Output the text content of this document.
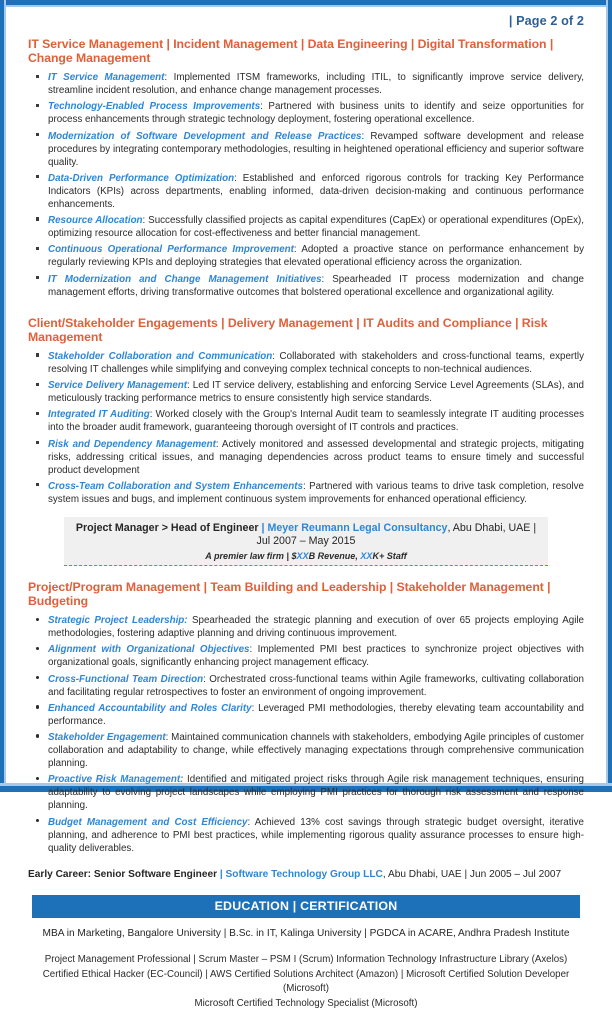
| Page 2 of 2
IT Service Management | Incident Management | Data Engineering | Digital Transformation | Change Management
IT Service Management: Implemented ITSM frameworks, including ITIL, to significantly improve service delivery, streamline incident resolution, and enhance change management processes.
Technology-Enabled Process Improvements: Partnered with business units to identify and seize opportunities for process enhancements through strategic technology deployment, fostering operational excellence.
Modernization of Software Development and Release Practices: Revamped software development and release procedures by integrating contemporary methodologies, resulting in heightened operational efficiency and superior software quality.
Data-Driven Performance Optimization: Established and enforced rigorous controls for tracking Key Performance Indicators (KPIs) across departments, enabling informed, data-driven decision-making and continuous performance enhancements.
Resource Allocation: Successfully classified projects as capital expenditures (CapEx) or operational expenditures (OpEx), optimizing resource allocation for cost-effectiveness and better financial management.
Continuous Operational Performance Improvement: Adopted a proactive stance on performance enhancement by regularly reviewing KPIs and deploying strategies that elevated operational efficiency across the organization.
IT Modernization and Change Management Initiatives: Spearheaded IT process modernization and change management efforts, driving transformative outcomes that bolstered operational excellence and organizational agility.
Client/Stakeholder Engagements | Delivery Management | IT Audits and Compliance | Risk Management
Stakeholder Collaboration and Communication: Collaborated with stakeholders and cross-functional teams, expertly resolving IT challenges while simplifying and conveying complex technical concepts to non-technical audiences.
Service Delivery Management: Led IT service delivery, establishing and enforcing Service Level Agreements (SLAs), and meticulously tracking performance metrics to ensure consistently high service standards.
Integrated IT Auditing: Worked closely with the Group's Internal Audit team to seamlessly integrate IT auditing processes into the broader audit framework, guaranteeing thorough oversight of IT controls and practices.
Risk and Dependency Management: Actively monitored and assessed developmental and strategic projects, mitigating risks, addressing critical issues, and managing dependencies across product teams to ensure timely and successful product development
Cross-Team Collaboration and System Enhancements: Partnered with various teams to drive task completion, resolve system issues and bugs, and implement continuous system improvements for enhanced operational efficiency.
Project Manager > Head of Engineer | Meyer Reumann Legal Consultancy, Abu Dhabi, UAE | Jul 2007 – May 2015
A premier law firm | $XXB Revenue, XXK+ Staff
Project/Program Management | Team Building and Leadership | Stakeholder Management | Budgeting
Strategic Project Leadership: Spearheaded the strategic planning and execution of over 65 projects employing Agile methodologies, fostering adaptive planning and driving continuous improvement.
Alignment with Organizational Objectives: Implemented PMI best practices to synchronize project objectives with organizational goals, significantly enhancing project management efficacy.
Cross-Functional Team Direction: Orchestrated cross-functional teams within Agile frameworks, cultivating collaboration and facilitating regular retrospectives to foster an environment of ongoing improvement.
Enhanced Accountability and Roles Clarity: Leveraged PMI methodologies, thereby elevating team accountability and performance.
Stakeholder Engagement: Maintained communication channels with stakeholders, embodying Agile principles of customer collaboration and adaptability to change, while effectively managing expectations through comprehensive communication planning.
Proactive Risk Management: Identified and mitigated project risks through Agile risk management techniques, ensuring adaptability to evolving project landscapes while employing PMI practices for thorough risk assessment and response planning.
Budget Management and Cost Efficiency: Achieved 13% cost savings through strategic budget oversight, iterative planning, and adherence to PMI best practices, while implementing rigorous quality assurance processes to ensure high-quality deliverables.
Early Career: Senior Software Engineer | Software Technology Group LLC, Abu Dhabi, UAE | Jun 2005 – Jul 2007
EDUCATION | CERTIFICATION
MBA in Marketing, Bangalore University | B.Sc. in IT, Kalinga University | PGDCA in ACARE, Andhra Pradesh Institute
Project Management Professional | Scrum Master – PSM I (Scrum) Information Technology Infrastructure Library (Axelos)
Certified Ethical Hacker (EC-Council) | AWS Certified Solutions Architect (Amazon) | Microsoft Certified Solution Developer (Microsoft)
Microsoft Certified Technology Specialist (Microsoft)
